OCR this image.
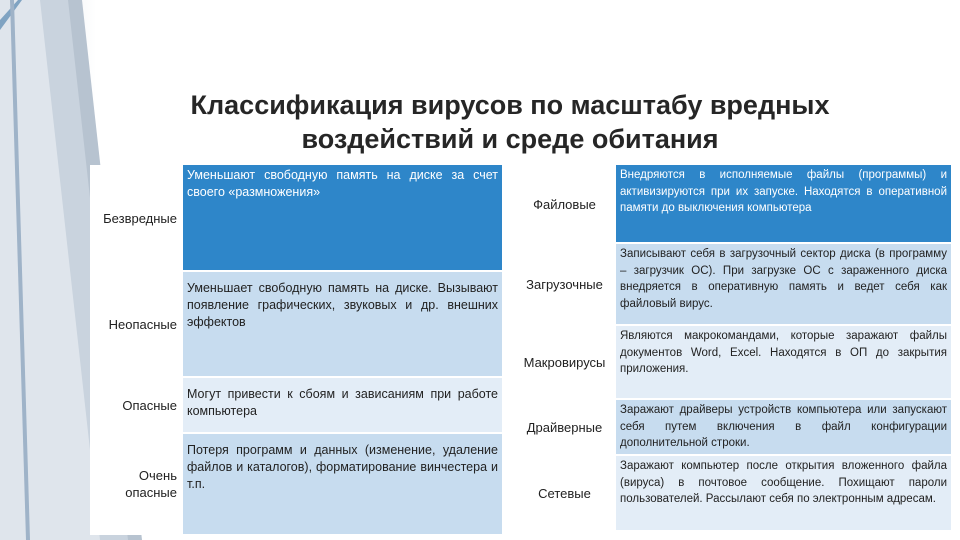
Классификация вирусов по масштабу вредных
воздействий и среде обитания
Безвредные	Уменьшают свободную память на диске за счет своего «размножения»
Неопасные	Уменьшает свободную память на диске. Вызывают появление графических, звуковых и др. внешних эффектов
Опасные	Могут привести к сбоям и зависаниям при работе компьютера
Очень опасные	Потеря программ и данных (изменение, удаление файлов и каталогов), форматирование винчестера и т.п.
Файловые	Внедряются в исполняемые файлы (программы) и активизируются при их запуске. Находятся в оперативной памяти до выключения компьютера
Загрузочные	Записывают себя в загрузочный сектор диска (в программу – загрузчик ОС). При загрузке ОС с зараженного диска внедряется в оперативную память и ведет себя как файловый вирус.
Макровирусы	Являются макрокомандами, которые заражают файлы документов Word, Excel. Находятся в ОП до закрытия приложения.
Драйверные	Заражают драйверы устройств компьютера или запускают себя путем включения в файл конфигурации дополнительной строки.
Сетевые	Заражают компьютер после открытия вложенного файла (вируса) в почтовое сообщение. Похищают пароли пользователей. Рассылают себя по электронным адресам.
